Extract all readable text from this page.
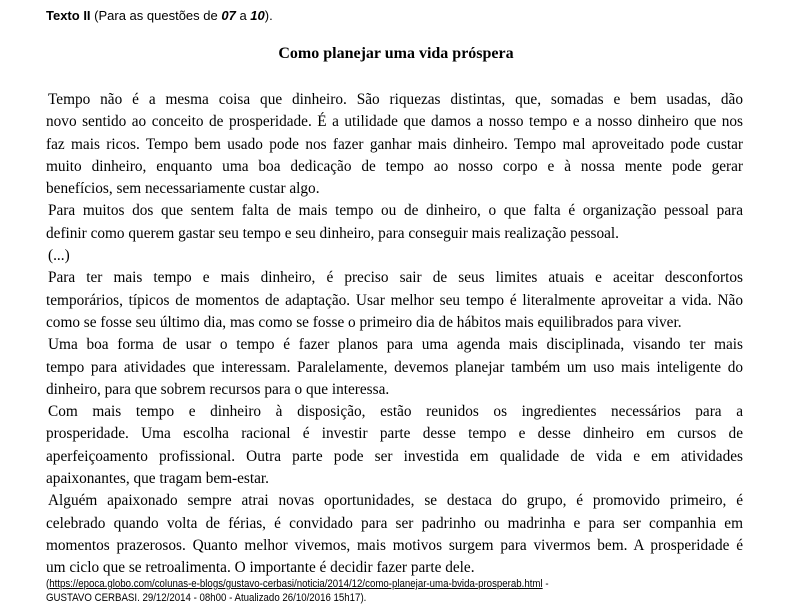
Texto II (Para as questões de 07 a 10).
Como planejar uma vida próspera
Tempo não é a mesma coisa que dinheiro. São riquezas distintas, que, somadas e bem usadas, dão
novo sentido ao conceito de prosperidade. É a utilidade que damos a nosso tempo e a nosso dinheiro que nos
faz mais ricos. Tempo bem usado pode nos fazer ganhar mais dinheiro. Tempo mal aproveitado pode custar
muito dinheiro, enquanto uma boa dedicação de tempo ao nosso corpo e à nossa mente pode gerar
benefícios, sem necessariamente custar algo.
Para muitos dos que sentem falta de mais tempo ou de dinheiro, o que falta é organização pessoal para
definir como querem gastar seu tempo e seu dinheiro, para conseguir mais realização pessoal.
(...)
Para ter mais tempo e mais dinheiro, é preciso sair de seus limites atuais e aceitar desconfortos
temporários, típicos de momentos de adaptação. Usar melhor seu tempo é literalmente aproveitar a vida. Não
como se fosse seu último dia, mas como se fosse o primeiro dia de hábitos mais equilibrados para viver.
Uma boa forma de usar o tempo é fazer planos para uma agenda mais disciplinada, visando ter mais
tempo para atividades que interessam. Paralelamente, devemos planejar também um uso mais inteligente do
dinheiro, para que sobrem recursos para o que interessa.
Com mais tempo e dinheiro à disposição, estão reunidos os ingredientes necessários para a
prosperidade. Uma escolha racional é investir parte desse tempo e desse dinheiro em cursos de
aperfeiçoamento profissional. Outra parte pode ser investida em qualidade de vida e em atividades
apaixonantes, que tragam bem-estar.
Alguém apaixonado sempre atrai novas oportunidades, se destaca do grupo, é promovido primeiro, é
celebrado quando volta de férias, é convidado para ser padrinho ou madrinha e para ser companhia em
momentos prazerosos. Quanto melhor vivemos, mais motivos surgem para vivermos bem. A prosperidade é
um ciclo que se retroalimenta. O importante é decidir fazer parte dele.
(https://epoca.globo.com/colunas-e-blogs/gustavo-cerbasi/noticia/2014/12/como-planejar-uma-bvida-prosperab.html -
GUSTAVO CERBASI. 29/12/2014 - 08h00 - Atualizado 26/10/2016 15h17).
